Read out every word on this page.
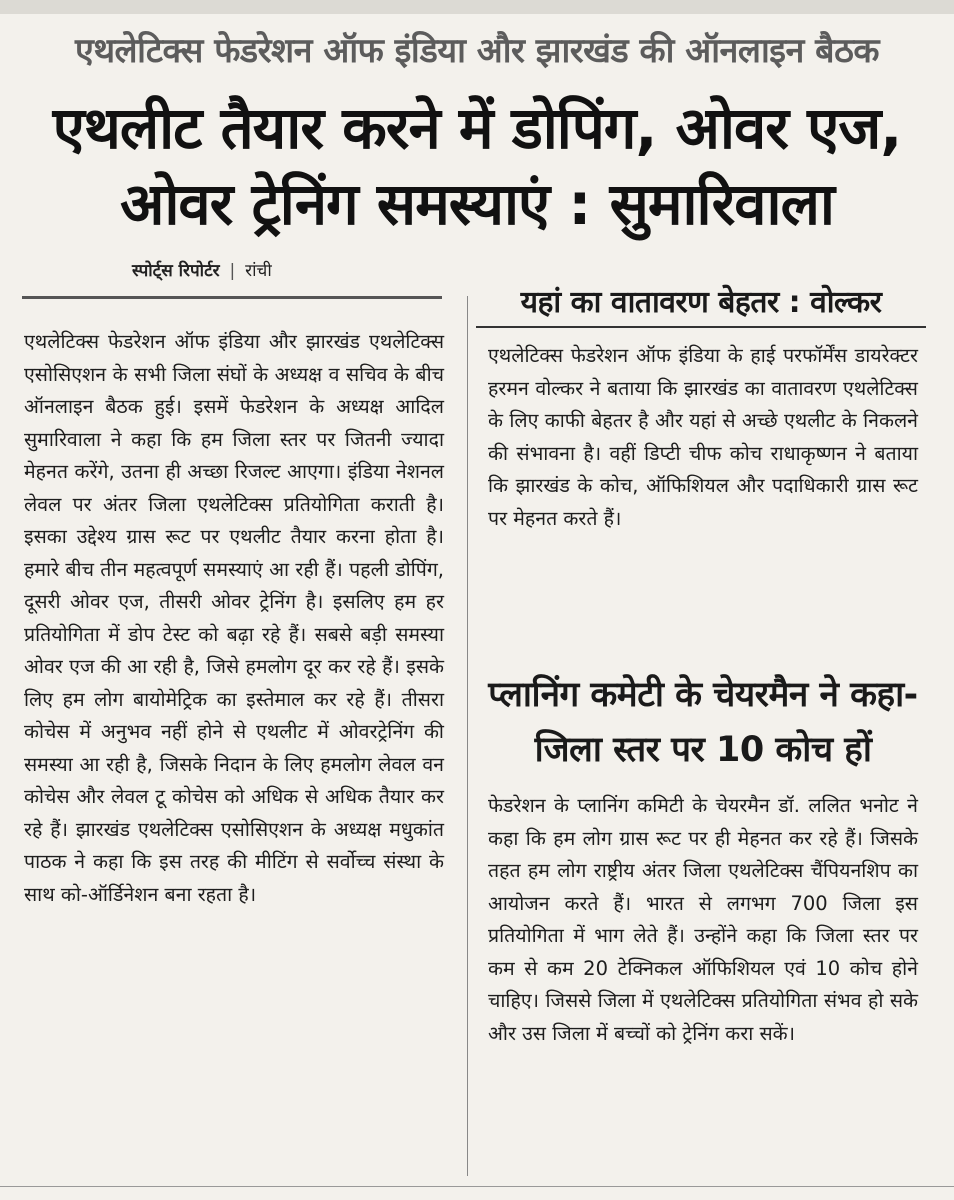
एथलेटिक्स फेडरेशन ऑफ इंडिया और झारखंड की ऑनलाइन बैठक
एथलीट तैयार करने में डोपिंग, ओवर एज, ओवर ट्रेनिंग समस्याएं : सुमारिवाला
स्पोर्ट्स रिपोर्टर | रांची

एथलेटिक्स फेडरेशन ऑफ इंडिया और झारखंड एथलेटिक्स एसोसिएशन के सभी जिला संघों के अध्यक्ष व सचिव के बीच ऑनलाइन बैठक हुई। इसमें फेडरेशन के अध्यक्ष आदिल सुमारिवाला ने कहा कि हम जिला स्तर पर जितनी ज्यादा मेहनत करेंगे, उतना ही अच्छा रिजल्ट आएगा। इंडिया नेशनल लेवल पर अंतर जिला एथलेटिक्स प्रतियोगिता कराती है। इसका उद्देश्य ग्रास रूट पर एथलीट तैयार करना होता है। हमारे बीच तीन महत्वपूर्ण समस्याएं आ रही हैं। पहली डोपिंग, दूसरी ओवर एज, तीसरी ओवर ट्रेनिंग है। इसलिए हम हर प्रतियोगिता में डोप टेस्ट को बढ़ा रहे हैं। सबसे बड़ी समस्या ओवर एज की आ रही है, जिसे हमलोग दूर कर रहे हैं। इसके लिए हम लोग बायोमेट्रिक का इस्तेमाल कर रहे हैं। तीसरा कोचेस में अनुभव नहीं होने से एथलीट में ओवरट्रेनिंग की समस्या आ रही है, जिसके निदान के लिए हमलोग लेवल वन कोचेस और लेवल टू कोचेस को अधिक से अधिक तैयार कर रहे हैं। झारखंड एथलेटिक्स एसोसिएशन के अध्यक्ष मधुकांत पाठक ने कहा कि इस तरह की मीटिंग से सर्वोच्च संस्था के साथ को-ऑर्डिनेशन बना रहता है।

यहां का वातावरण बेहतर : वोल्कर

एथलेटिक्स फेडरेशन ऑफ इंडिया के हाई परफॉर्मेंस डायरेक्टर हरमन वोल्कर ने बताया कि झारखंड का वातावरण एथलेटिक्स के लिए काफी बेहतर है और यहां से अच्छे एथलीट के निकलने की संभावना है। वहीं डिप्टी चीफ कोच राधाकृष्णन ने बताया कि झारखंड के कोच, ऑफिशियल और पदाधिकारी ग्रास रूट पर मेहनत करते हैं।

प्लानिंग कमेटी के चेयरमैन ने कहा- जिला स्तर पर 10 कोच हों

फेडरेशन के प्लानिंग कमिटी के चेयरमैन डॉ. ललित भनोट ने कहा कि हम लोग ग्रास रूट पर ही मेहनत कर रहे हैं। जिसके तहत हम लोग राष्ट्रीय अंतर जिला एथलेटिक्स चैंपियनशिप का आयोजन करते हैं। भारत से लगभग 700 जिला इस प्रतियोगिता में भाग लेते हैं। उन्होंने कहा कि जिला स्तर पर कम से कम 20 टेक्निकल ऑफिशियल एवं 10 कोच होने चाहिए। जिससे जिला में एथलेटिक्स प्रतियोगिता संभव हो सके और उस जिला में बच्चों को ट्रेनिंग करा सकें।
